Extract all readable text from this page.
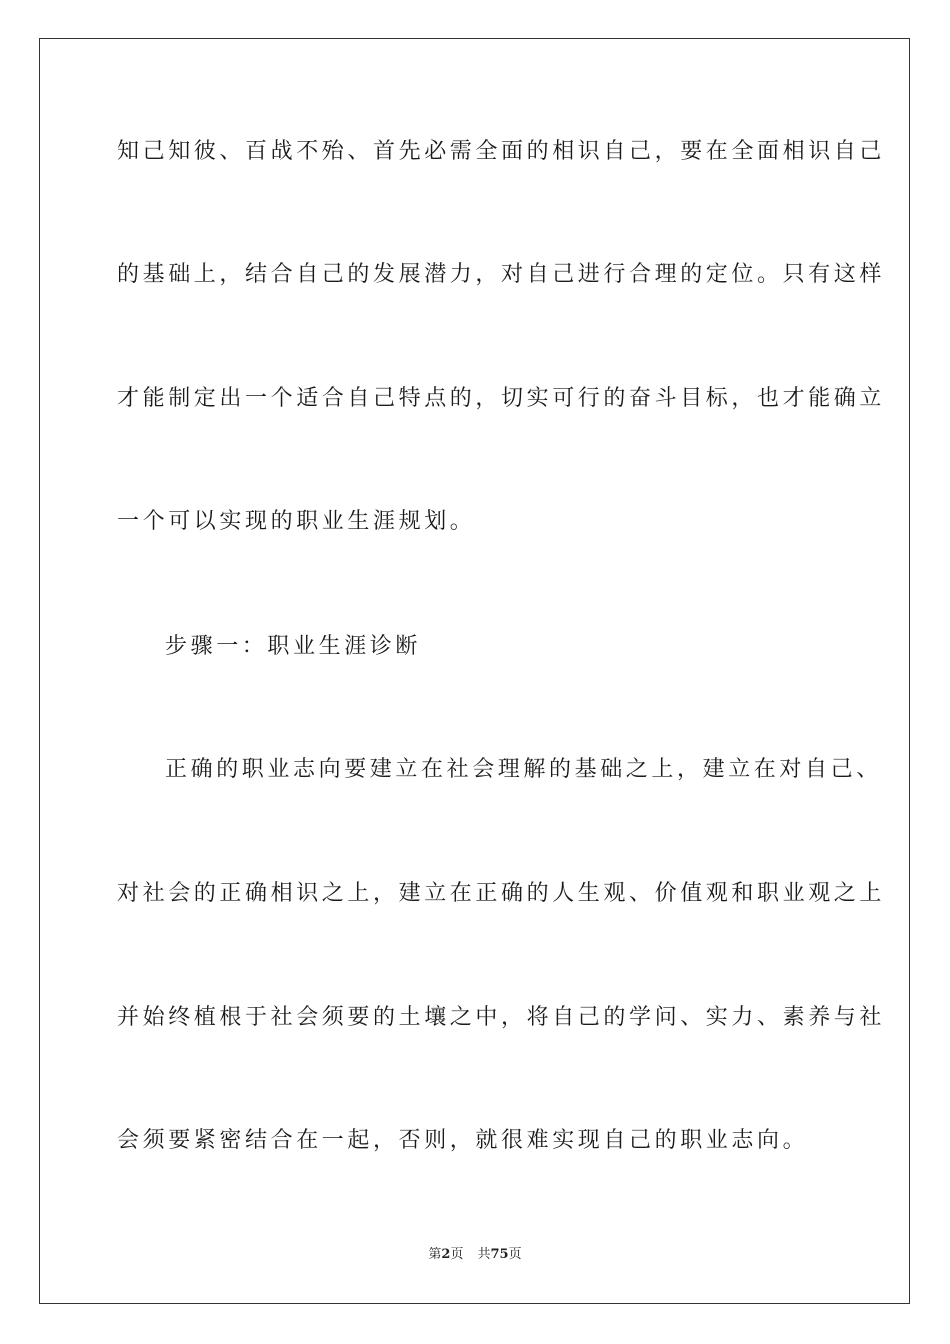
知己知彼、百战不殆、首先必需全面的相识自己，要在全面相识自己
的基础上，结合自己的发展潜力，对自己进行合理的定位。只有这样
才能制定出一个适合自己特点的，切实可行的奋斗目标，也才能确立
一个可以实现的职业生涯规划。
步骤一：职业生涯诊断
正确的职业志向要建立在社会理解的基础之上，建立在对自己、
对社会的正确相识之上，建立在正确的人生观、价值观和职业观之上
并始终植根于社会须要的土壤之中，将自己的学问、实力、素养与社
会须要紧密结合在一起，否则，就很难实现自己的职业志向。
第2页 共75页
